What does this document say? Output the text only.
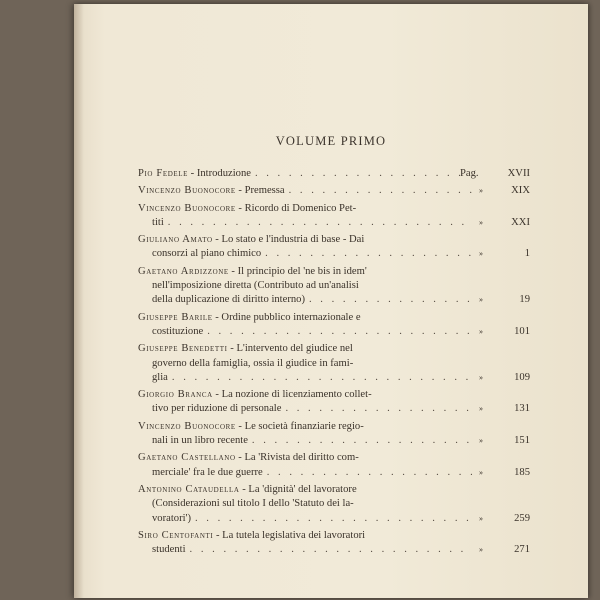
VOLUME PRIMO
Pio Fedele - Introduzione . . .	Pag.	XVII
Vincenzo Buonocore - Premessa . . .	»	XIX
Vincenzo Buonocore - Ricordo di Domenico Pet-
titi . . .	»	XXI
Giuliano Amato - Lo stato e l'industria di base - Dai
consorzi al piano chimico . . .	»	1
Gaetano Ardizzone - Il principio del 'ne bis in idem'
nell'imposizione diretta (Contributo ad un'analisi
della duplicazione di diritto interno) . . .	»	19
Giuseppe Barile - Ordine pubblico internazionale e
costituzione . . .	»	101
Giuseppe Benedetti - L'intervento del giudice nel
governo della famiglia, ossia il giudice in fami-
glia . . .	»	109
Giorgio Branca - La nozione di licenziamento collet-
tivo per riduzione di personale . . .	»	131
Vincenzo Buonocore - Le società finanziarie regio-
nali in un libro recente . . .	»	151
Gaetano Castellano - La 'Rivista del diritto com-
merciale' fra le due guerre . . .	»	185
Antonino Cataudella - La 'dignità' del lavoratore
(Considerazioni sul titolo I dello 'Statuto dei la-
voratori') . . .	»	259
Siro Centofanti - La tutela legislativa dei lavoratori
studenti . . .	»	271
